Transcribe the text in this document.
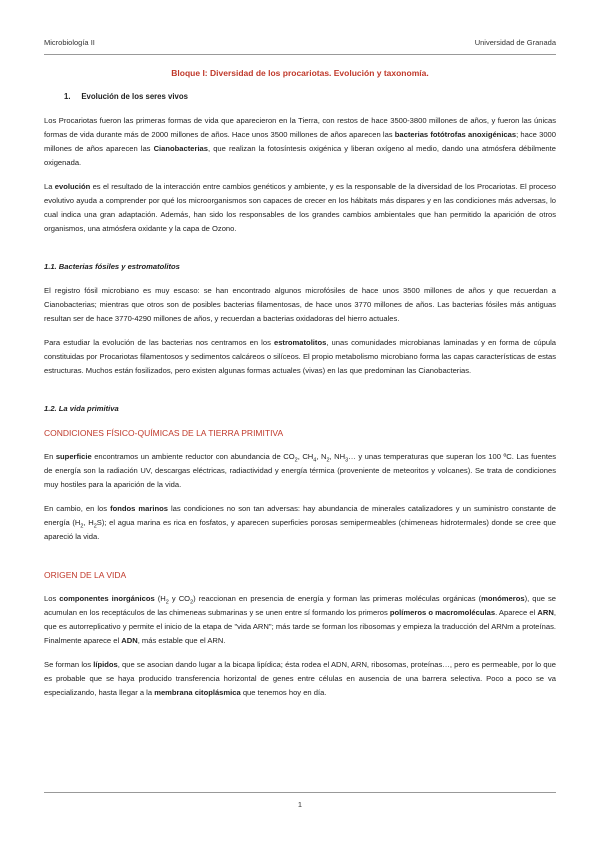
Microbiología II	Universidad de Granada
Bloque I: Diversidad de los procariotas. Evolución y taxonomía.
1. Evolución de los seres vivos

Los Procariotas fueron las primeras formas de vida que aparecieron en la Tierra, con restos de hace 3500-3800 millones de años, y fueron las únicas formas de vida durante más de 2000 millones de años. Hace unos 3500 millones de años aparecen las bacterias fotótrofas anoxigénicas; hace 3000 millones de años aparecen las Cianobacterias, que realizan la fotosíntesis oxigénica y liberan oxígeno al medio, dando una atmósfera débilmente oxigenada.

La evolución es el resultado de la interacción entre cambios genéticos y ambiente, y es la responsable de la diversidad de los Procariotas. El proceso evolutivo ayuda a comprender por qué los microorganismos son capaces de crecer en los hábitats más dispares y en las condiciones más adversas, lo cual indica una gran adaptación. Además, han sido los responsables de los grandes cambios ambientales que han permitido la aparición de otros organismos, una atmósfera oxidante y la capa de Ozono.

1.1. Bacterias fósiles y estromatolitos

El registro fósil microbiano es muy escaso: se han encontrado algunos microfósiles de hace unos 3500 millones de años y que recuerdan a Cianobacterias; mientras que otros son de posibles bacterias filamentosas, de hace unos 3770 millones de años. Las bacterias fósiles más antiguas resultan ser de hace 3770-4290 millones de años, y recuerdan a bacterias oxidadoras del hierro actuales.

Para estudiar la evolución de las bacterias nos centramos en los estromatolitos, unas comunidades microbianas laminadas y en forma de cúpula constituidas por Procariotas filamentosos y sedimentos calcáreos o silíceos. El propio metabolismo microbiano forma las capas características de estas estructuras. Muchos están fosilizados, pero existen algunas formas actuales (vivas) en las que predominan las Cianobacterias.

1.2. La vida primitiva
CONDICIONES FÍSICO-QUÍMICAS DE LA TIERRA PRIMITIVA

En superficie encontramos un ambiente reductor con abundancia de $CO_2$, $CH_4$, $N_2$, $NH_3\dots$ y unas temperaturas que superan los 100 ºC. Las fuentes de energía son la radiación UV, descargas eléctricas, radiactividad y energía térmica (proveniente de meteoritos y volcanes). Se trata de condiciones muy hostiles para la aparición de la vida.

En cambio, en los fondos marinos las condiciones no son tan adversas: hay abundancia de minerales catalizadores y un suministro constante de energía ($H_2$, $H_2S$); el agua marina es rica en fosfatos, y aparecen superficies porosas semipermeables (chimeneas hidrotermales) donde se cree que apareció la vida.

ORIGEN DE LA VIDA

Los componentes inorgánicos ($H_2$ y $CO_2$) reaccionan en presencia de energía y forman las primeras moléculas orgánicas (monómeros), que se acumulan en los receptáculos de las chimeneas submarinas y se unen entre sí formando los primeros polímeros o macromoléculas. Aparece el ARN, que es autorreplicativo y permite el inicio de la etapa de "vida ARN"; más tarde se forman los ribosomas y empieza la traducción del ARNm a proteínas. Finalmente aparece el ADN, más estable que el ARN.

Se forman los lípidos, que se asocian dando lugar a la bicapa lipídica; ésta rodea el ADN, ARN, ribosomas, proteínas…, pero es permeable, por lo que es probable que se haya producido transferencia horizontal de genes entre células en ausencia de una barrera selectiva. Poco a poco se va especializando, hasta llegar a la membrana citoplásmica que tenemos hoy en día.

1
